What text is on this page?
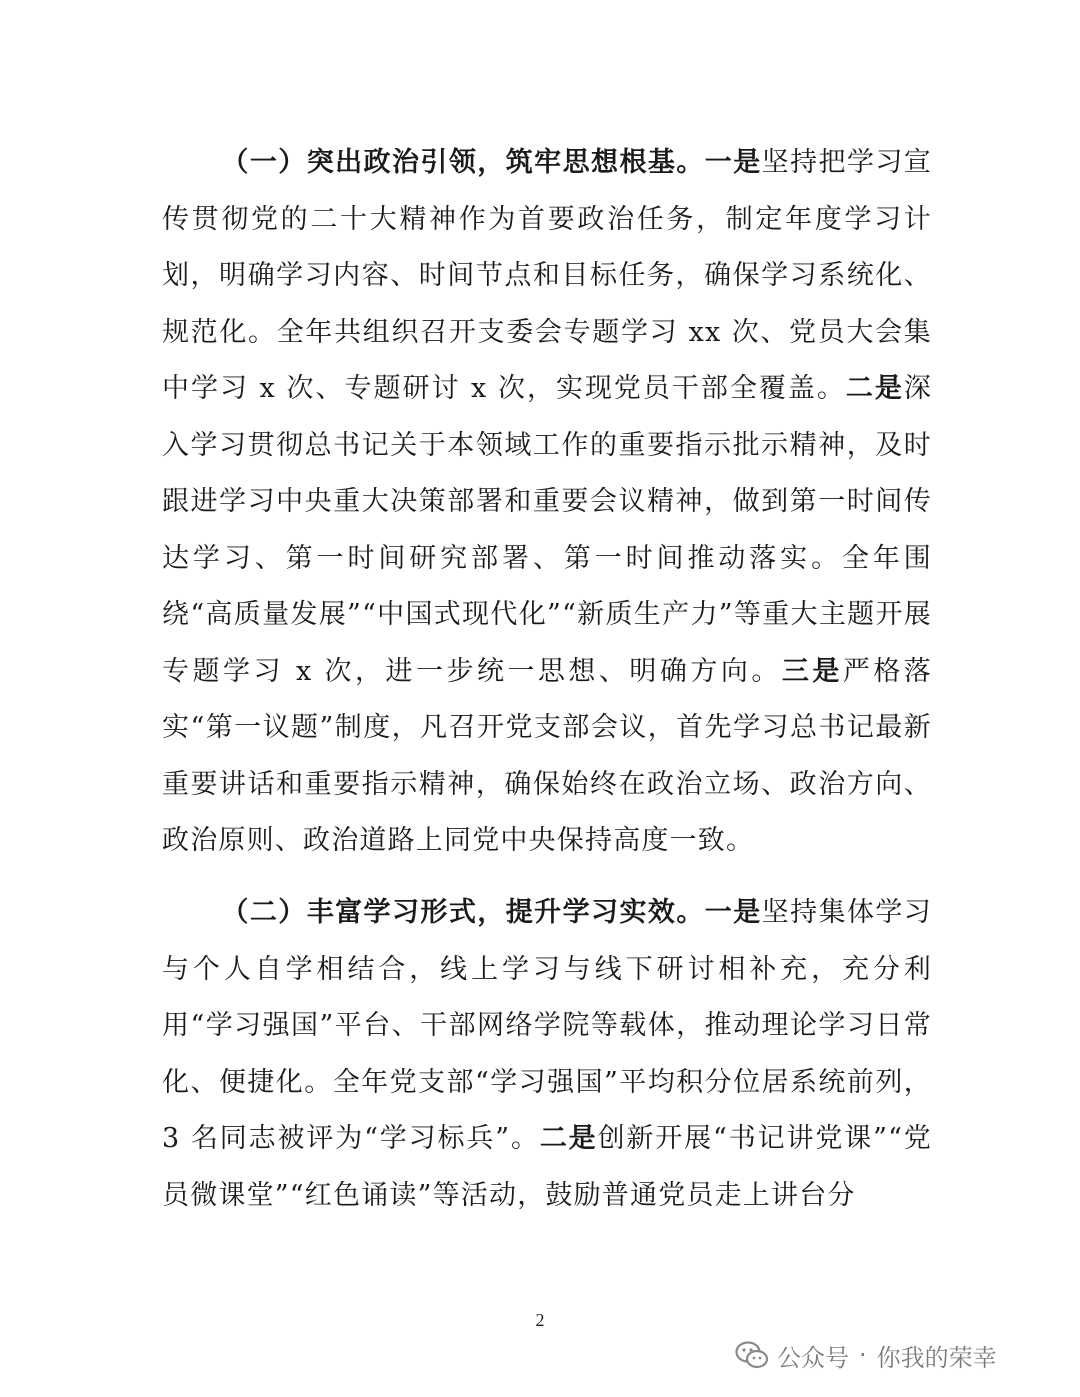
（一）突出政治引领，筑牢思想根基。一是坚持把学习宣传贯彻党的二十大精神作为首要政治任务，制定年度学习计划，明确学习内容、时间节点和目标任务，确保学习系统化、规范化。全年共组织召开支委会专题学习 xx 次、党员大会集中学习 x 次、专题研讨 x 次，实现党员干部全覆盖。二是深入学习贯彻总书记关于本领域工作的重要指示批示精神，及时跟进学习中央重大决策部署和重要会议精神，做到第一时间传达学习、第一时间研究部署、第一时间推动落实。全年围绕“高质量发展”“中国式现代化”“新质生产力”等重大主题开展专题学习 x 次，进一步统一思想、明确方向。三是严格落实“第一议题”制度，凡召开党支部会议，首先学习总书记最新重要讲话和重要指示精神，确保始终在政治立场、政治方向、政治原则、政治道路上同党中央保持高度一致。

（二）丰富学习形式，提升学习实效。一是坚持集体学习与个人自学相结合，线上学习与线下研讨相补充，充分利用“学习强国”平台、干部网络学院等载体，推动理论学习日常化、便捷化。全年党支部“学习强国”平均积分位居系统前列，3 名同志被评为“学习标兵”。二是创新开展“书记讲党课”“党员微课堂”“红色诵读”等活动，鼓励普通党员走上讲台分

2
公众号 · 你我的荣幸
